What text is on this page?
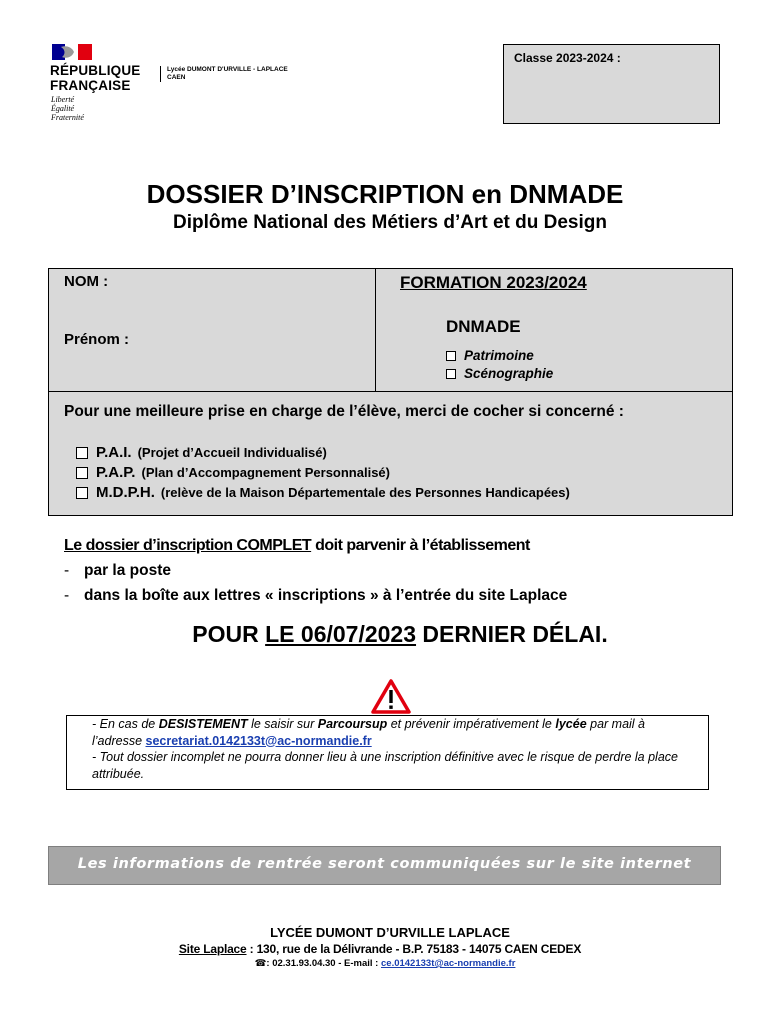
RÉPUBLIQUE
FRANÇAISE
Liberté
Égalité
Fraternité
Lycée DUMONT D'URVILLE - LAPLACE
CAEN
Classe 2023-2024 :
DOSSIER D’INSCRIPTION en DNMADE
Diplôme National des Métiers d’Art et du Design
NOM :
Prénom :
FORMATION 2023/2024
DNMADE
Patrimoine
Scénographie
Pour une meilleure prise en charge de l’élève, merci de cocher si concerné :
P.A.I. (Projet d’Accueil Individualisé)
P.A.P. (Plan d’Accompagnement Personnalisé)
M.D.P.H. (relève de la Maison Départementale des Personnes Handicapées)
Le dossier d’inscription COMPLET doit parvenir à l’établissement
- par la poste
- dans la boîte aux lettres « inscriptions » à l’entrée du site Laplace
POUR LE 06/07/2023 DERNIER DÉLAI.
- En cas de DESISTEMENT le saisir sur Parcoursup et prévenir impérativement le lycée par mail à l’adresse secretariat.0142133t@ac-normandie.fr
- Tout dossier incomplet ne pourra donner lieu à une inscription définitive avec le risque de perdre la place attribuée.
Les informations de rentrée seront communiquées sur le site internet
LYCÉE DUMONT D’URVILLE LAPLACE
Site Laplace : 130, rue de la Délivrande - B.P. 75183 - 14075 CAEN CEDEX
☎: 02.31.93.04.30 - E-mail : ce.0142133t@ac-normandie.fr
